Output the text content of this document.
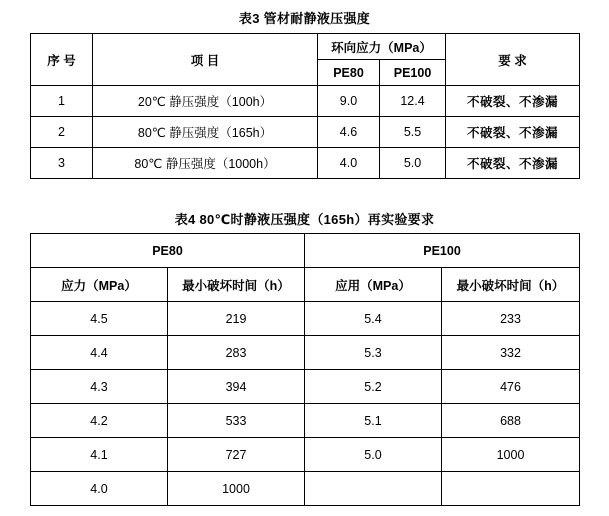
表3 管材耐静液压强度
序 号	项 目	环向应力（MPa）		要 求
		PE80	PE100	
1	20℃ 静压强度（100h）	9.0	12.4	不破裂、不渗漏
2	80℃ 静压强度（165h）	4.6	5.5	不破裂、不渗漏
3	80℃ 静压强度（1000h）	4.0	5.0	不破裂、不渗漏
表4 80℃时静液压强度（165h）再实验要求
PE80		PE100	
应力（MPa）	最小破坏时间（h）	应用（MPa）	最小破坏时间（h）
4.5	219	5.4	233
4.4	283	5.3	332
4.3	394	5.2	476
4.2	533	5.1	688
4.1	727	5.0	1000
4.0	1000		
